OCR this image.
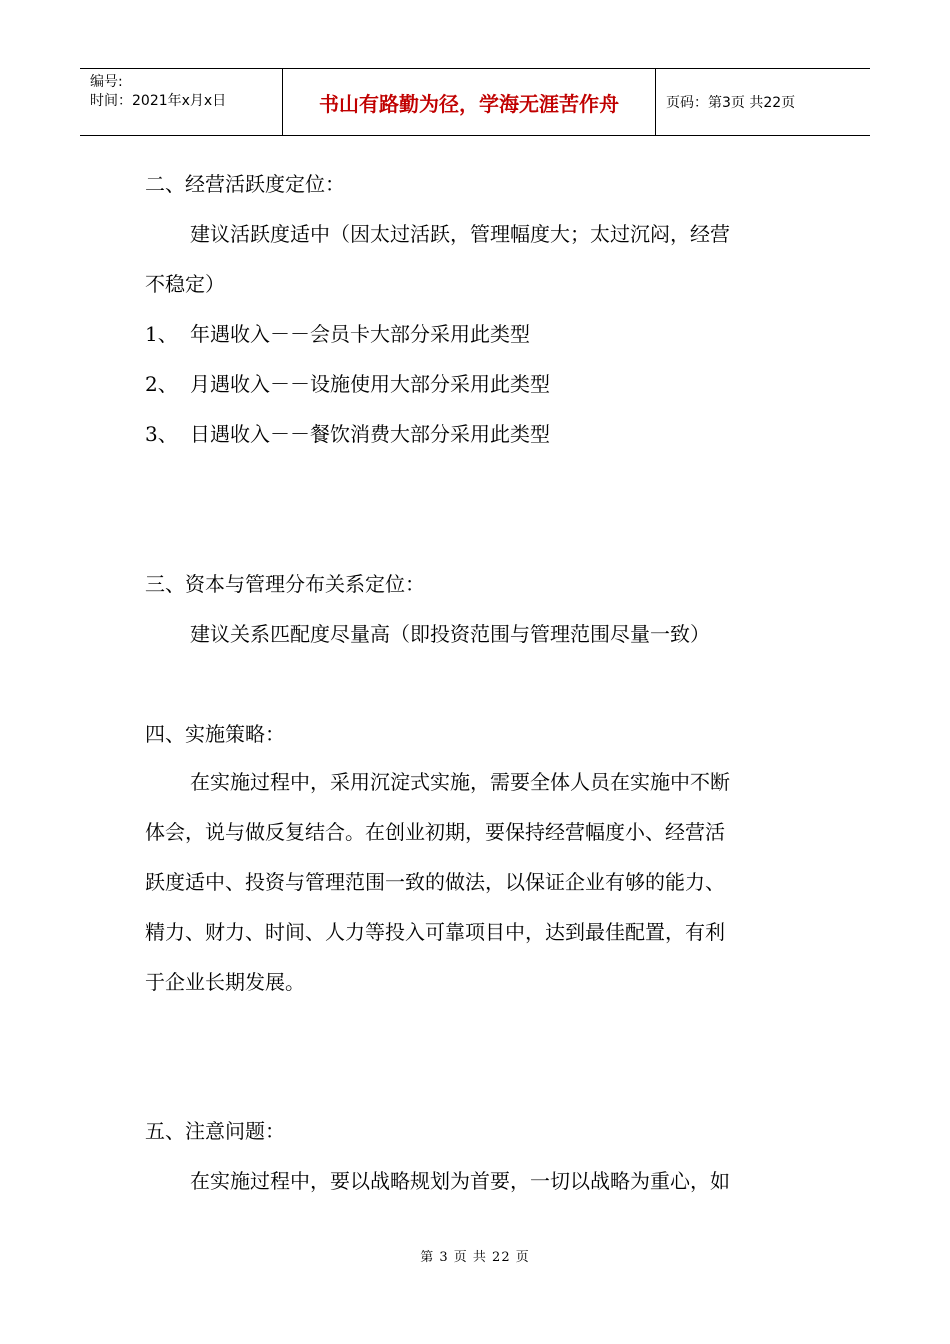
编号:
时间：2021年x月x日	书山有路勤为径，学海无涯苦作舟	页码：第3页 共22页
二、经营活跃度定位：
建议活跃度适中（因太过活跃，管理幅度大；太过沉闷，经营
不稳定）
1、 年遇收入－－会员卡大部分采用此类型
2、 月遇收入－－设施使用大部分采用此类型
3、 日遇收入－－餐饮消费大部分采用此类型
三、资本与管理分布关系定位：
建议关系匹配度尽量高（即投资范围与管理范围尽量一致）
四、实施策略：
在实施过程中，采用沉淀式实施，需要全体人员在实施中不断
体会，说与做反复结合。在创业初期，要保持经营幅度小、经营活
跃度适中、投资与管理范围一致的做法，以保证企业有够的能力、
精力、财力、时间、人力等投入可靠项目中，达到最佳配置，有利
于企业长期发展。
五、注意问题：
在实施过程中，要以战略规划为首要，一切以战略为重心，如
第 3 页 共 22 页
